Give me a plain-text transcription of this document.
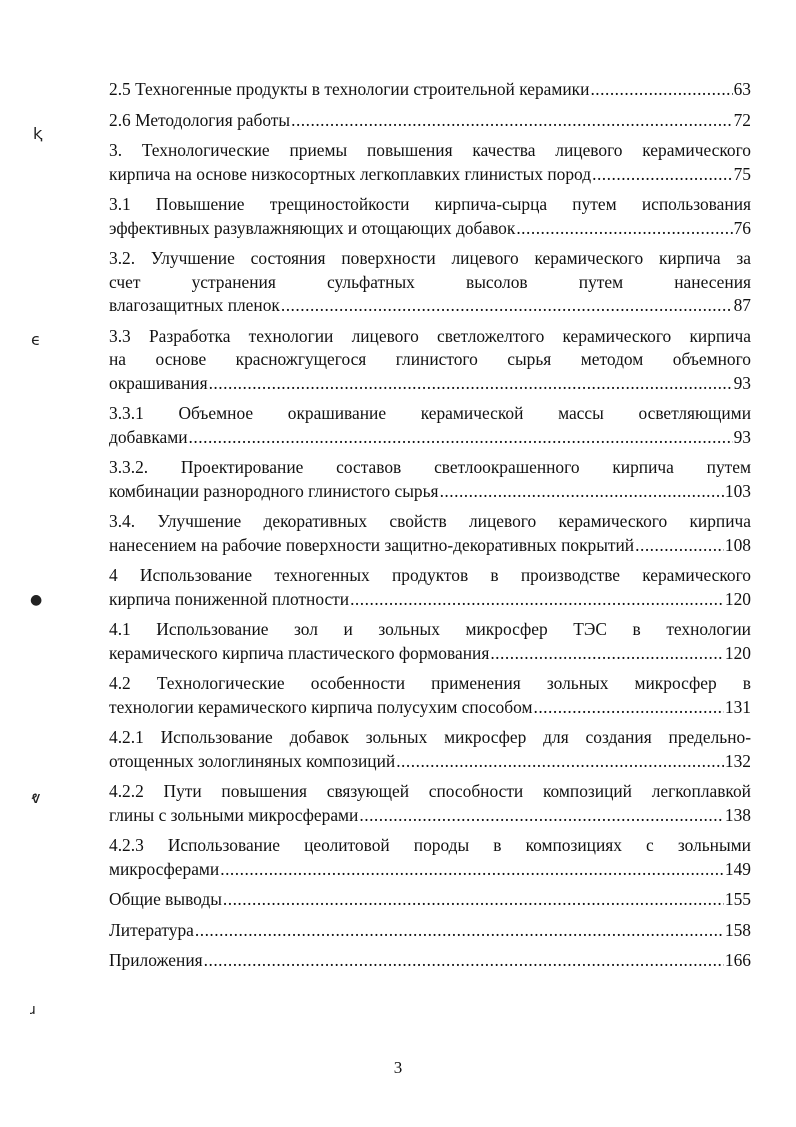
ⱪ
ϵ
●
ⱴ
ɹ
2.5 Техногенные продукты в технологии строительной керамики .....	63
2.6 Методология работы .....	72
3. Технологические приемы повышения качества лицевого керамического
кирпича на основе низкосортных легкоплавких глинистых пород .....	75
3.1 Повышение трещиностойкости кирпича-сырца путем использования
эффективных разувлажняющих и отощающих добавок .....	76
3.2. Улучшение состояния поверхности лицевого керамического кирпича за
счет устранения сульфатных высолов путем нанесения
влагозащитных пленок .....	87
3.3 Разработка технологии лицевого светложелтого керамического кирпича
на основе красножгущегося глинистого сырья методом объемного
окрашивания .....	93
3.3.1 Объемное окрашивание керамической массы осветляющими
добавками .....	93
3.3.2. Проектирование составов светлоокрашенного кирпича путем
комбинации разнородного глинистого сырья .....	103
3.4. Улучшение декоративных свойств лицевого керамического кирпича
нанесением на рабочие поверхности защитно-декоративных покрытий .....	108
4 Использование техногенных продуктов в производстве керамического
кирпича пониженной плотности .....	120
4.1 Использование зол и зольных микросфер ТЭС в технологии
керамического кирпича пластического формования .....	120
4.2 Технологические особенности применения зольных микросфер в
технологии керамического кирпича полусухим способом .....	131
4.2.1 Использование добавок зольных микросфер для создания предельно-
отощенных зологлиняных композиций .....	132
4.2.2 Пути повышения связующей способности композиций легкоплавкой
глины с зольными микросферами .....	138
4.2.3 Использование цеолитовой породы в композициях с зольными
микросферами .....	149
Общие выводы .....	155
Литература .....	158
Приложения .....	166
3
